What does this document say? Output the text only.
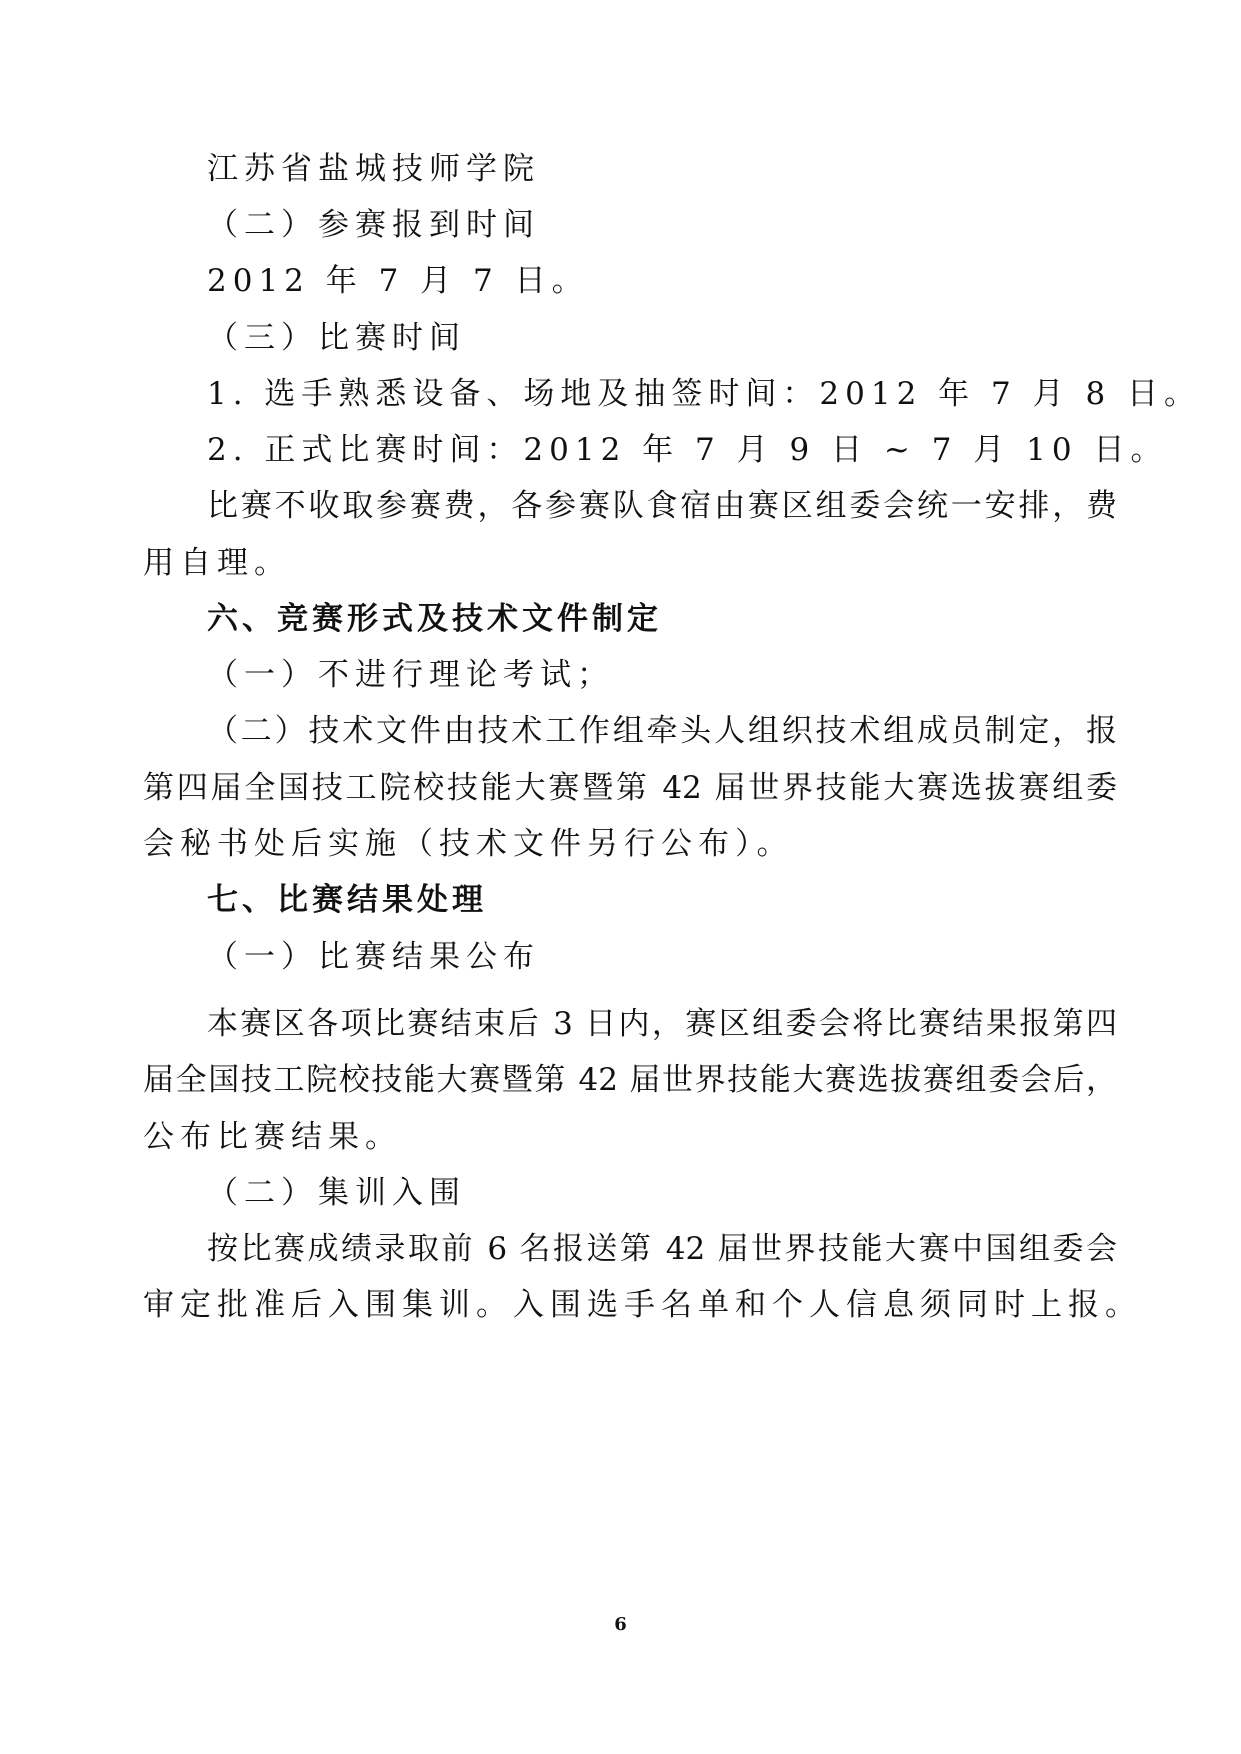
江苏省盐城技师学院
（二）参赛报到时间
2012 年 7 月 7 日。
（三）比赛时间
1. 选手熟悉设备、场地及抽签时间：2012 年 7 月 8 日。
2. 正式比赛时间：2012 年 7 月 9 日 ~ 7 月 10 日。
比赛不收取参赛费，各参赛队食宿由赛区组委会统一安排，费
用自理。
六、竞赛形式及技术文件制定
（一）不进行理论考试；
（二）技术文件由技术工作组牵头人组织技术组成员制定，报
第四届全国技工院校技能大赛暨第 42 届世界技能大赛选拔赛组委
会秘书处后实施（技术文件另行公布）。
七、比赛结果处理
（一）比赛结果公布
本赛区各项比赛结束后 3 日内，赛区组委会将比赛结果报第四
届全国技工院校技能大赛暨第 42 届世界技能大赛选拔赛组委会后，
公布比赛结果。
（二）集训入围
按比赛成绩录取前 6 名报送第 42 届世界技能大赛中国组委会
审定批准后入围集训。入围选手名单和个人信息须同时上报。
6
